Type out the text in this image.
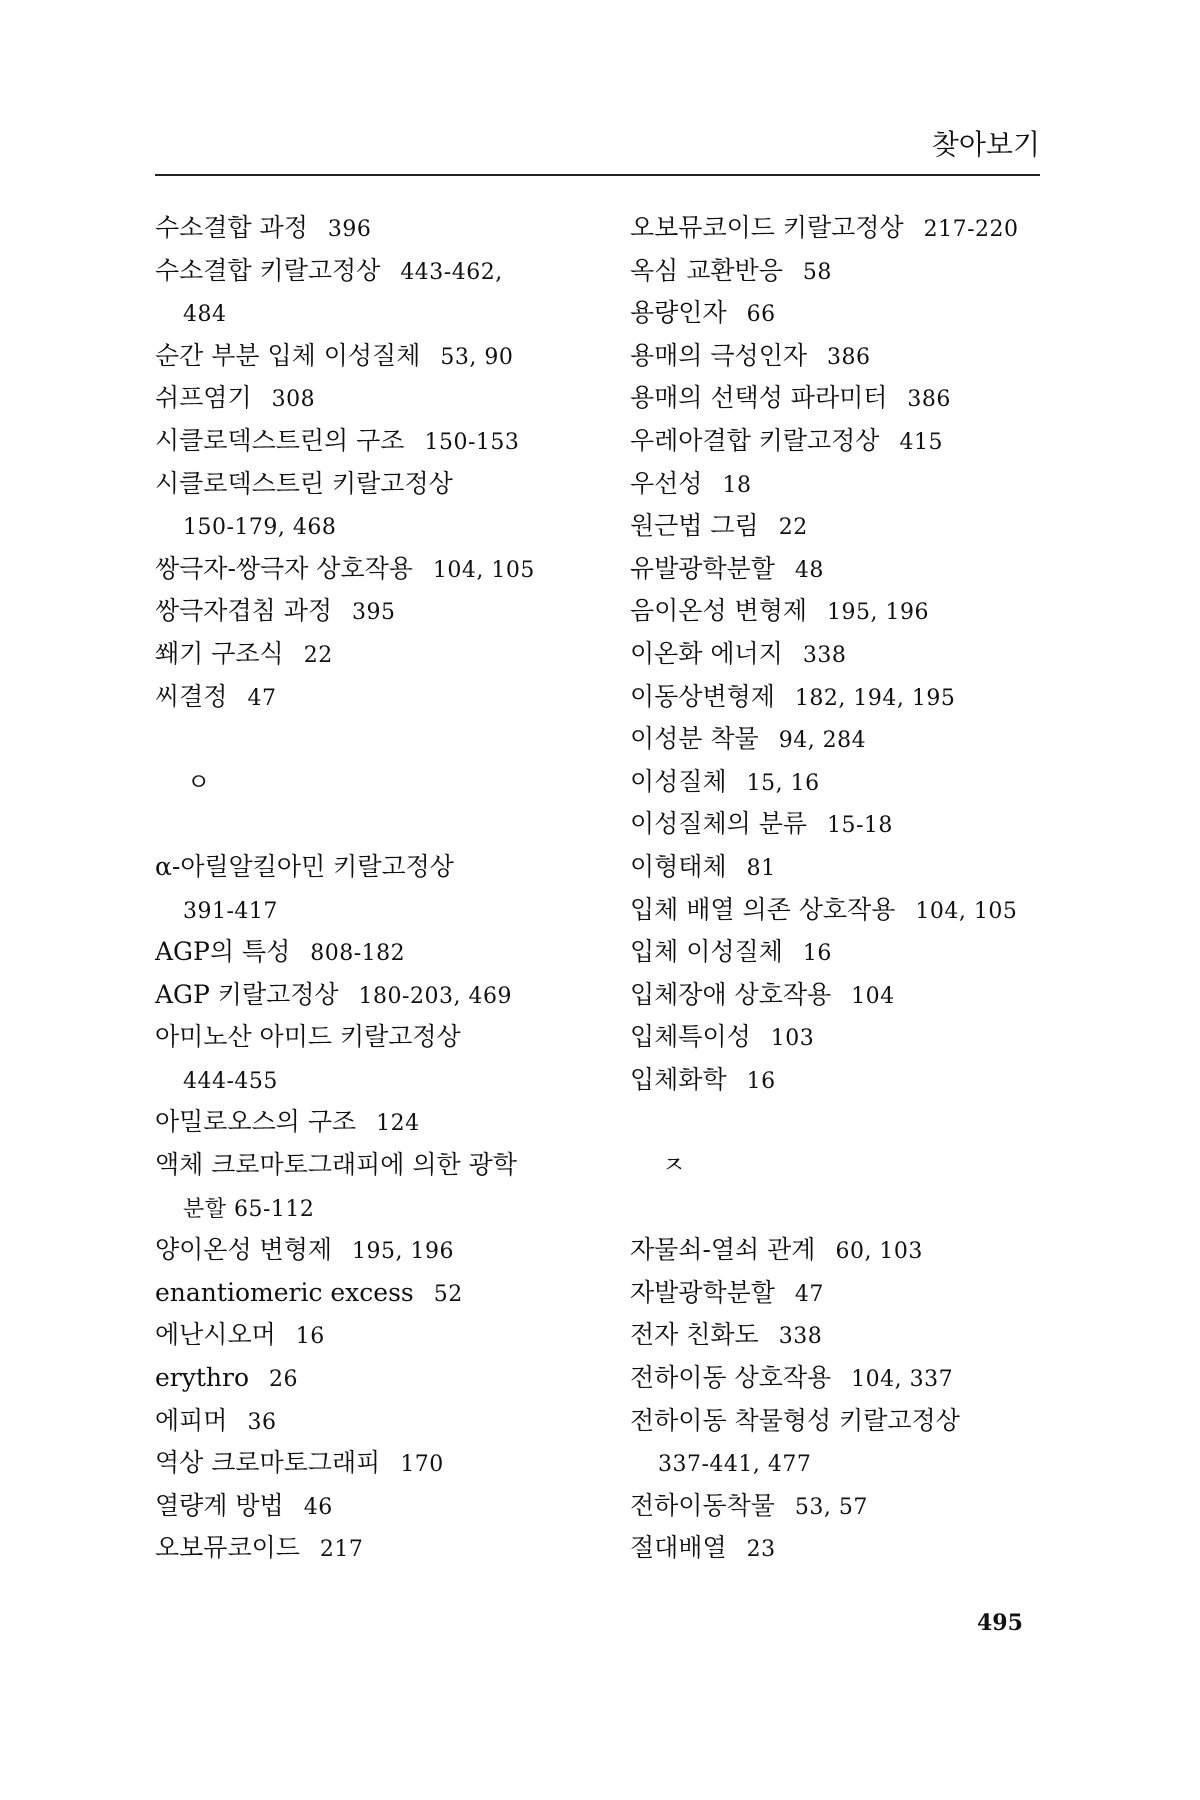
찾아보기
수소결합 과정 396
수소결합 키랄고정상 443-462,
484
순간 부분 입체 이성질체 53, 90
쉬프염기 308
시클로덱스트린의 구조 150-153
시클로덱스트린 키랄고정상
150-179, 468
쌍극자-쌍극자 상호작용 104, 105
쌍극자겹침 과정 395
쐐기 구조식 22
씨결정 47
ㅇ
α-아릴알킬아민 키랄고정상
391-417
AGP의 특성 808-182
AGP 키랄고정상 180-203, 469
아미노산 아미드 키랄고정상
444-455
아밀로오스의 구조 124
액체 크로마토그래피에 의한 광학
분할 65-112
양이온성 변형제 195, 196
enantiomeric excess 52
에난시오머 16
erythro 26
에피머 36
역상 크로마토그래피 170
열량계 방법 46
오보뮤코이드 217
오보뮤코이드 키랄고정상 217-220
옥심 교환반응 58
용량인자 66
용매의 극성인자 386
용매의 선택성 파라미터 386
우레아결합 키랄고정상 415
우선성 18
원근법 그림 22
유발광학분할 48
음이온성 변형제 195, 196
이온화 에너지 338
이동상변형제 182, 194, 195
이성분 착물 94, 284
이성질체 15, 16
이성질체의 분류 15-18
이형태체 81
입체 배열 의존 상호작용 104, 105
입체 이성질체 16
입체장애 상호작용 104
입체특이성 103
입체화학 16
ㅈ
자물쇠-열쇠 관계 60, 103
자발광학분할 47
전자 친화도 338
전하이동 상호작용 104, 337
전하이동 착물형성 키랄고정상
337-441, 477
전하이동착물 53, 57
절대배열 23
495
